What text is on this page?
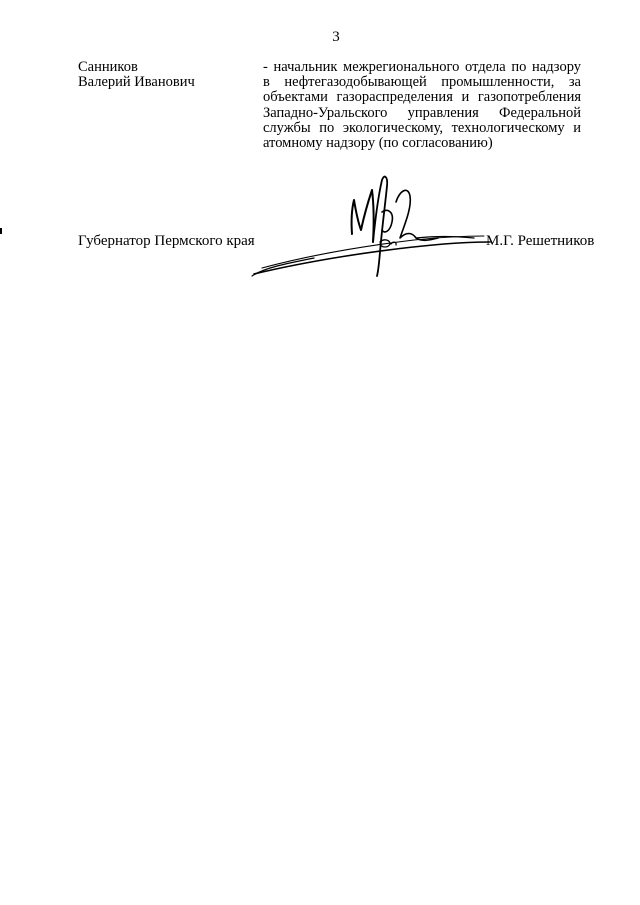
3
Санников
Валерий Иванович
- начальник межрегионального отдела по надзору в нефтегазодобывающей промышленности, за объектами газораспределения и газопотребления Западно-Уральского управления Федеральной службы по экологическому, технологическому и атомному надзору (по согласованию)
Губернатор Пермского края	М.Г. Решетников
